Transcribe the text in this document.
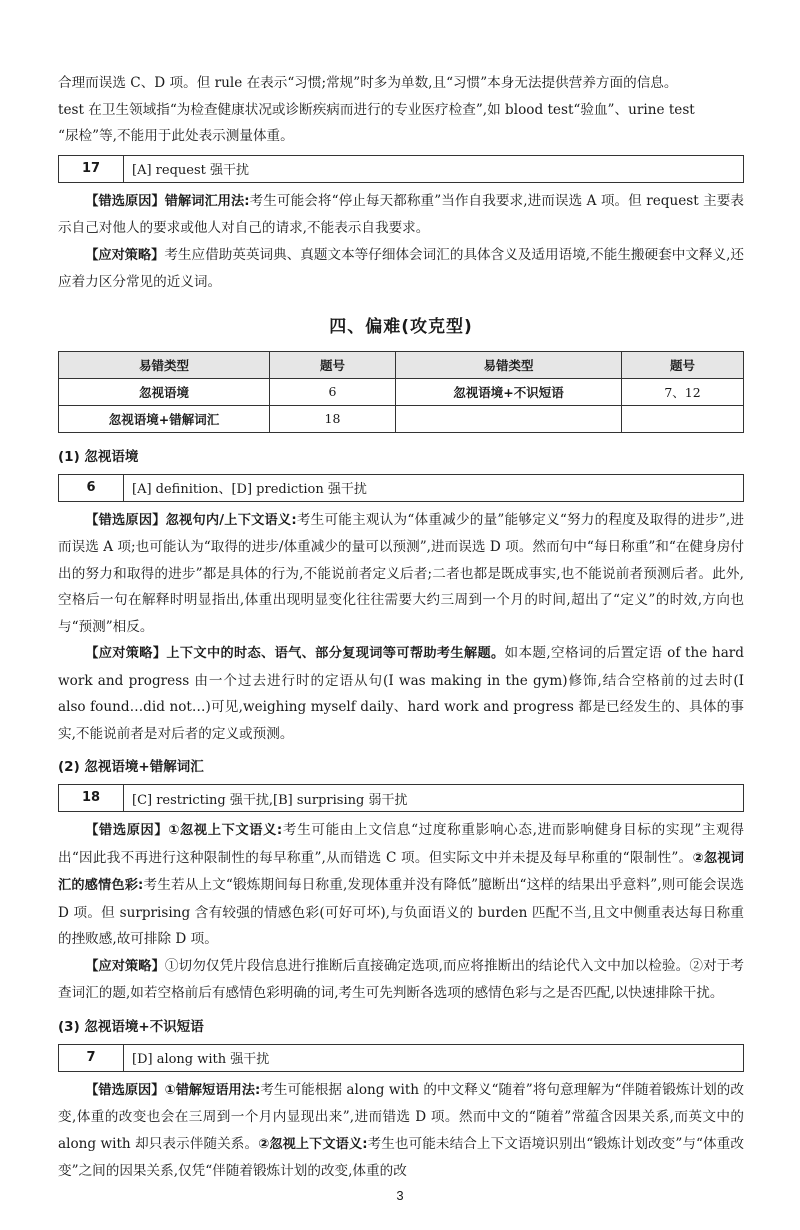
合理而误选 C、D 项。但 rule 在表示“习惯;常规”时多为单数,且“习惯”本身无法提供营养方面的信息。

test 在卫生领域指“为检查健康状况或诊断疾病而进行的专业医疗检查”,如 blood test“验血”、urine test

“尿检”等,不能用于此处表示测量体重。

17	[A] request 强干扰

【错选原因】错解词汇用法:考生可能会将“停止每天都称重”当作自我要求,进而误选 A 项。但 request 主要表示自己对他人的要求或他人对自己的请求,不能表示自我要求。

【应对策略】考生应借助英英词典、真题文本等仔细体会词汇的具体含义及适用语境,不能生搬硬套中文释义,还应着力区分常见的近义词。

四、偏难(攻克型)
易错类型	题号	易错类型	题号
忽视语境	6	忽视语境+不识短语	7、12
忽视语境+错解词汇	18		
(1) 忽视语境
6	[A] definition、[D] prediction 强干扰

【错选原因】忽视句内/上下文语义:考生可能主观认为“体重减少的量”能够定义“努力的程度及取得的进步”,进而误选 A 项;也可能认为“取得的进步/体重减少的量可以预测”,进而误选 D 项。然而句中“每日称重”和“在健身房付出的努力和取得的进步”都是具体的行为,不能说前者定义后者;二者也都是既成事实,也不能说前者预测后者。此外,空格后一句在解释时明显指出,体重出现明显变化往往需要大约三周到一个月的时间,超出了“定义”的时效,方向也与“预测”相反。

【应对策略】上下文中的时态、语气、部分复现词等可帮助考生解题。如本题,空格词的后置定语 of the hard work and progress 由一个过去进行时的定语从句(I was making in the gym)修饰,结合空格前的过去时(I also found…did not…)可见,weighing myself daily、hard work and progress 都是已经发生的、具体的事实,不能说前者是对后者的定义或预测。

(2) 忽视语境+错解词汇
18	[C] restricting 强干扰,[B] surprising 弱干扰

【错选原因】①忽视上下文语义:考生可能由上文信息“过度称重影响心态,进而影响健身目标的实现”主观得出“因此我不再进行这种限制性的每早称重”,从而错选 C 项。但实际文中并未提及每早称重的“限制性”。②忽视词汇的感情色彩:考生若从上文“锻炼期间每日称重,发现体重并没有降低”臆断出“这样的结果出乎意料”,则可能会误选 D 项。但 surprising 含有较强的情感色彩(可好可坏),与负面语义的 burden 匹配不当,且文中侧重表达每日称重的挫败感,故可排除 D 项。

【应对策略】①切勿仅凭片段信息进行推断后直接确定选项,而应将推断出的结论代入文中加以检验。②对于考查词汇的题,如若空格前后有感情色彩明确的词,考生可先判断各选项的感情色彩与之是否匹配,以快速排除干扰。

(3) 忽视语境+不识短语
7	[D] along with 强干扰

【错选原因】①错解短语用法:考生可能根据 along with 的中文释义“随着”将句意理解为“伴随着锻炼计划的改变,体重的改变也会在三周到一个月内显现出来”,进而错选 D 项。然而中文的“随着”常蕴含因果关系,而英文中的 along with 却只表示伴随关系。②忽视上下文语义:考生也可能未结合上下文语境识别出“锻炼计划改变”与“体重改变”之间的因果关系,仅凭“伴随着锻炼计划的改变,体重的改

3
